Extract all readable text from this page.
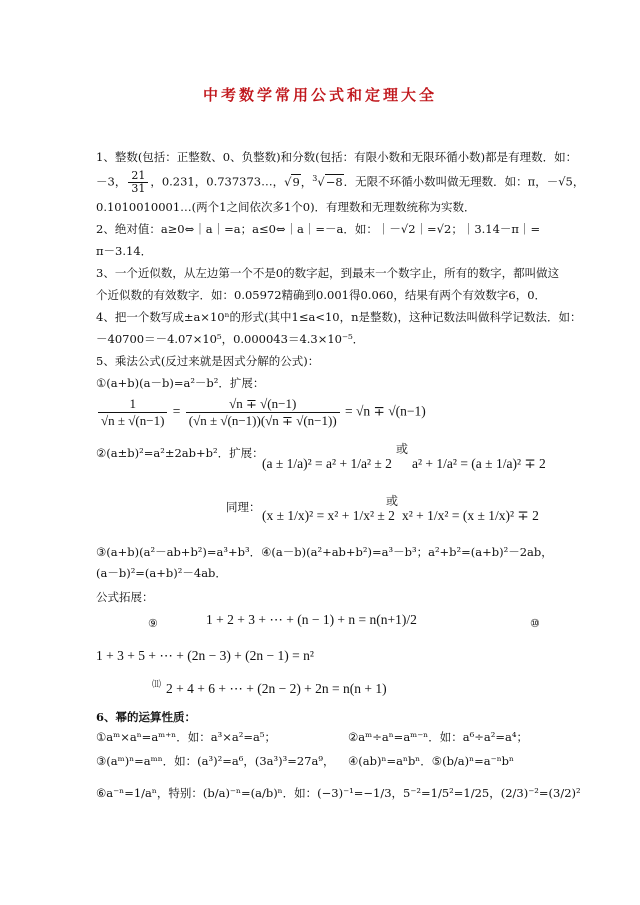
中考数学常用公式和定理大全
1、整数(包括：正整数、0、负整数)和分数(包括：有限小数和无限环循小数)都是有理数．如：
－3， $\frac{21}{31}$ ，0.231，0.737373…，√9，$^3$√−8．无限不环循小数叫做无理数．如：π，－√5，
0.1010010001…(两个1之间依次多1个0)．有理数和无理数统称为实数．
2、绝对值：a≥0⇔｜a｜=a；a≤0⇔｜a｜=－a．如：｜－√2｜=√2；｜3.14－π｜=
π－3.14．
3、一个近似数，从左边第一个不是0的数字起，到最末一个数字止，所有的数字，都叫做这
个近似数的有效数字．如：0.05972精确到0.001得0.060，结果有两个有效数字6，0．
4、把一个数写成±a×10ⁿ的形式(其中1≤a<10，n是整数)，这种记数法叫做科学记数法．如：
－40700＝－4.07×10⁵，0.000043＝4.3×10⁻⁵．
5、乘法公式(反过来就是因式分解的公式)：
①(a+b)(a－b)=a²－b²．扩展：
$\frac{1}{√n \pm √(n-1)} = \frac{√n \mp √(n-1)}{(√n \pm √(n-1))(√n \mp √(n-1))} = √n \mp √(n-1)$
②(a±b)²=a²±2ab+b²．扩展：
(a ± 1/a)² = a² + 1/a² ± 2
或
a² + 1/a² = (a ± 1/a)² ∓ 2
同理：
(x ± 1/x)² = x² + 1/x² ± 2
或
x² + 1/x² = (x ± 1/x)² ∓ 2
③(a+b)(a²－ab+b²)=a³+b³．④(a－b)(a²+ab+b²)=a³－b³；a²+b²=(a+b)²－2ab，
(a－b)²=(a+b)²－4ab．
公式拓展：
⑨	1 + 2 + 3 + ⋯ + (n − 1) + n = n(n+1)/2	⑩
1 + 3 + 5 + ⋯ + (2n − 3) + (2n − 1) = n²
⑾ 2 + 4 + 6 + ⋯ + (2n − 2) + 2n = n(n + 1)
6、幂的运算性质：
①aᵐ×aⁿ=aᵐ⁺ⁿ．如：a³×a²=a⁵；	②aᵐ÷aⁿ=aᵐ⁻ⁿ．如：a⁶÷a²=a⁴；
③(aᵐ)ⁿ=aᵐⁿ．如：(a³)²=a⁶，(3a³)³=27a⁹， ④(ab)ⁿ=aⁿbⁿ．⑤(b/a)ⁿ=a⁻ⁿbⁿ
⑥a⁻ⁿ=1/aⁿ，特别：(b/a)⁻ⁿ=(a/b)ⁿ．如：(−3)⁻¹=−1/3，5⁻²=1/5²=1/25，(2/3)⁻²=(3/2)²
